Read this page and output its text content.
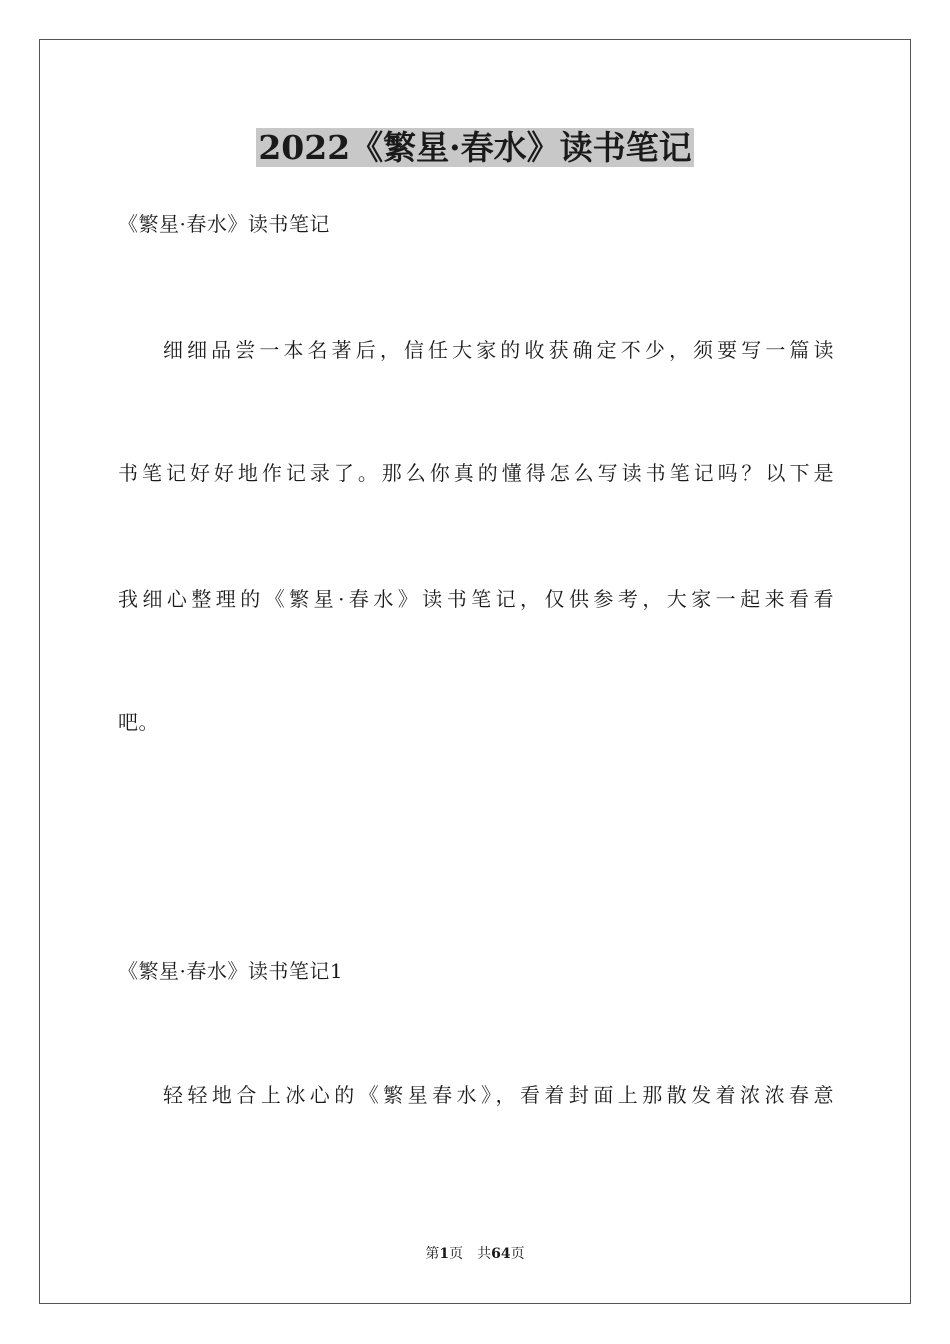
2022《繁星·春水》读书笔记
《繁星·春水》读书笔记
细细品尝一本名著后，信任大家的收获确定不少，须要写一篇读
书笔记好好地作记录了。那么你真的懂得怎么写读书笔记吗？以下是
我细心整理的《繁星·春水》读书笔记，仅供参考，大家一起来看看
吧。
《繁星·春水》读书笔记1
轻轻地合上冰心的《繁星春水》，看着封面上那散发着浓浓春意
第1页　共64页
